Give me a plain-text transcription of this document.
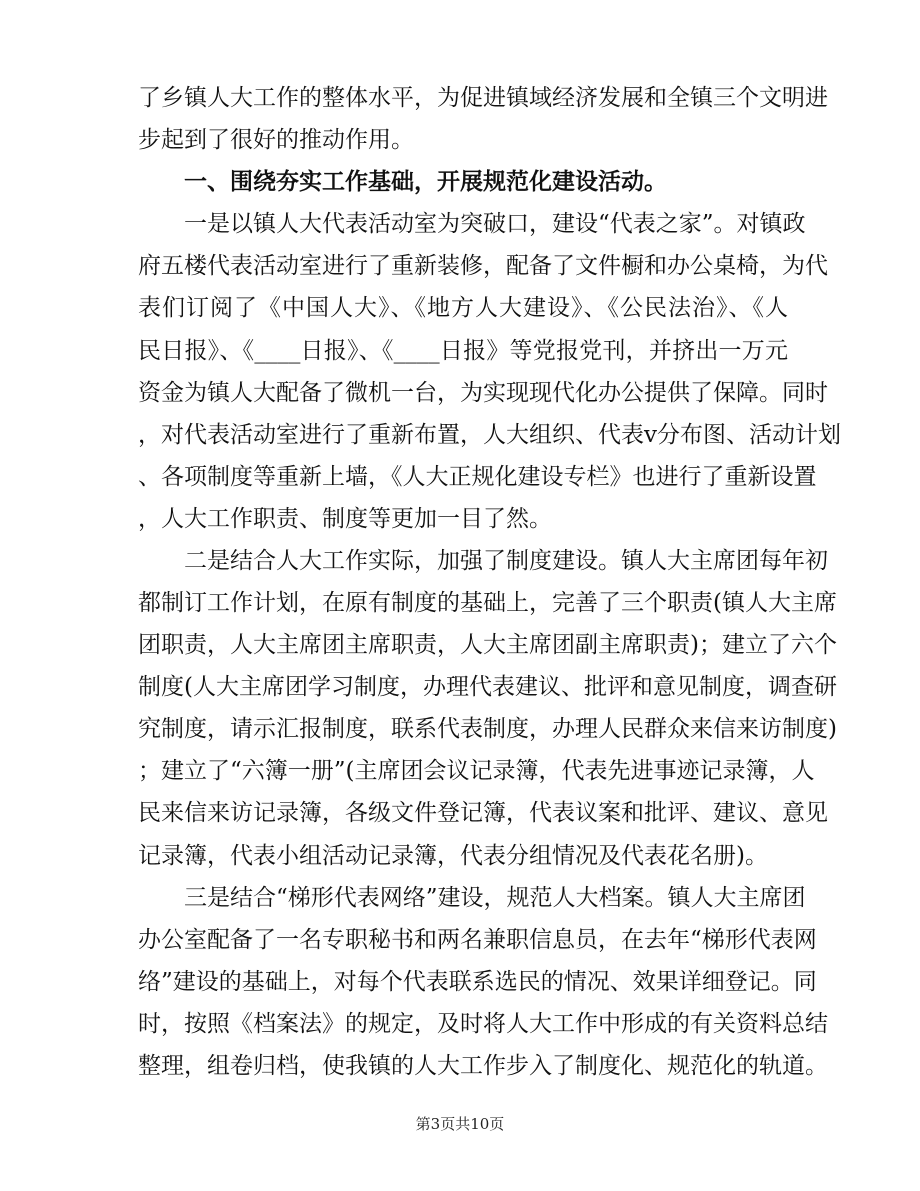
了乡镇人大工作的整体水平，为促进镇域经济发展和全镇三个文明进
步起到了很好的推动作用。
一、围绕夯实工作基础，开展规范化建设活动。
一是以镇人大代表活动室为突破口，建设“代表之家”。对镇政
府五楼代表活动室进行了重新装修，配备了文件橱和办公桌椅，为代
表们订阅了《中国人大》、《地方人大建设》、《公民法治》、《人
民日报》、《____日报》、《____日报》等党报党刊，并挤出一万元
资金为镇人大配备了微机一台，为实现现代化办公提供了保障。同时
，对代表活动室进行了重新布置，人大组织、代表v分布图、活动计划
、各项制度等重新上墙，《人大正规化建设专栏》也进行了重新设置
，人大工作职责、制度等更加一目了然。
二是结合人大工作实际，加强了制度建设。镇人大主席团每年初
都制订工作计划，在原有制度的基础上，完善了三个职责(镇人大主席
团职责，人大主席团主席职责，人大主席团副主席职责)；建立了六个
制度(人大主席团学习制度，办理代表建议、批评和意见制度，调查研
究制度，请示汇报制度，联系代表制度，办理人民群众来信来访制度)
；建立了“六簿一册”(主席团会议记录簿，代表先进事迹记录簿，人
民来信来访记录簿，各级文件登记簿，代表议案和批评、建议、意见
记录簿，代表小组活动记录簿，代表分组情况及代表花名册)。
三是结合“梯形代表网络”建设，规范人大档案。镇人大主席团
办公室配备了一名专职秘书和两名兼职信息员，在去年“梯形代表网
络”建设的基础上，对每个代表联系选民的情况、效果详细登记。同
时，按照《档案法》的规定，及时将人大工作中形成的有关资料总结
整理，组卷归档，使我镇的人大工作步入了制度化、规范化的轨道。
第3页共10页
